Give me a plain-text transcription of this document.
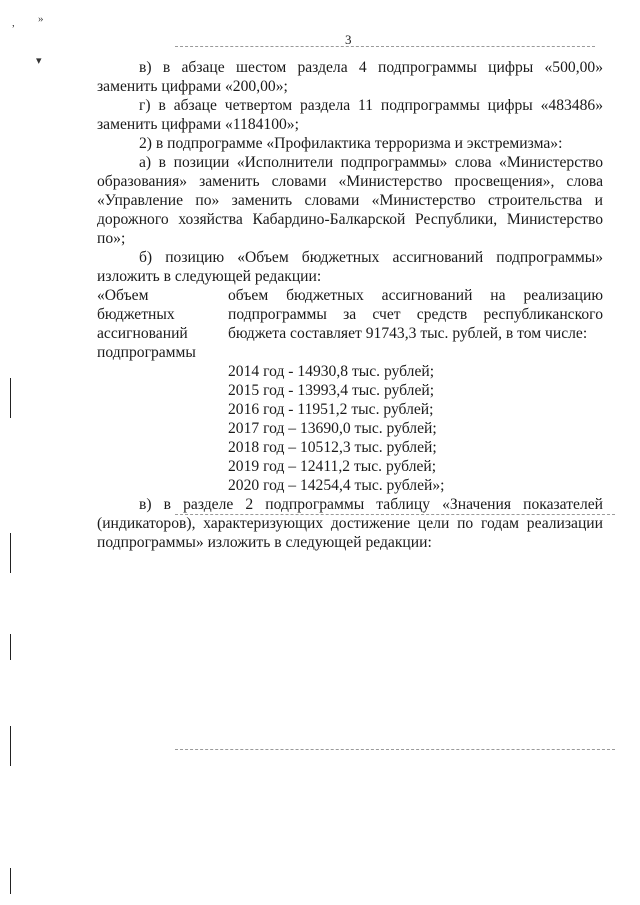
, »
▾
3

в) в абзаце шестом раздела 4 подпрограммы цифры «500,00» заменить цифрами «200,00»;

г) в абзаце четвертом раздела 11 подпрограммы цифры «483486» заменить цифрами «1184100»;

2) в подпрограмме «Профилактика терроризма и экстремизма»:

а) в позиции «Исполнители подпрограммы» слова «Министерство образования» заменить словами «Министерство просвещения», слова «Управление по» заменить словами «Министерство строительства и дорожного хозяйства Кабардино-Балкарской Республики, Министерство по»;

б) позицию «Объем бюджетных ассигнований подпрограммы» изложить в следующей редакции:

«Объем бюджетных ассигнований подпрограммы
объем бюджетных ассигнований на реализацию подпрограммы за счет средств республиканского бюджета составляет 91743,3 тыс. рублей, в том числе:

2014 год - 14930,8 тыс. рублей;

2015 год - 13993,4 тыс. рублей;

2016 год - 11951,2 тыс. рублей;

2017 год – 13690,0 тыс. рублей;

2018 год – 10512,3 тыс. рублей;

2019 год – 12411,2 тыс. рублей;

2020 год – 14254,4 тыс. рублей»;

в) в разделе 2 подпрограммы таблицу «Значения показателей (индикаторов), характеризующих достижение цели по годам реализации подпрограммы» изложить в следующей редакции:
